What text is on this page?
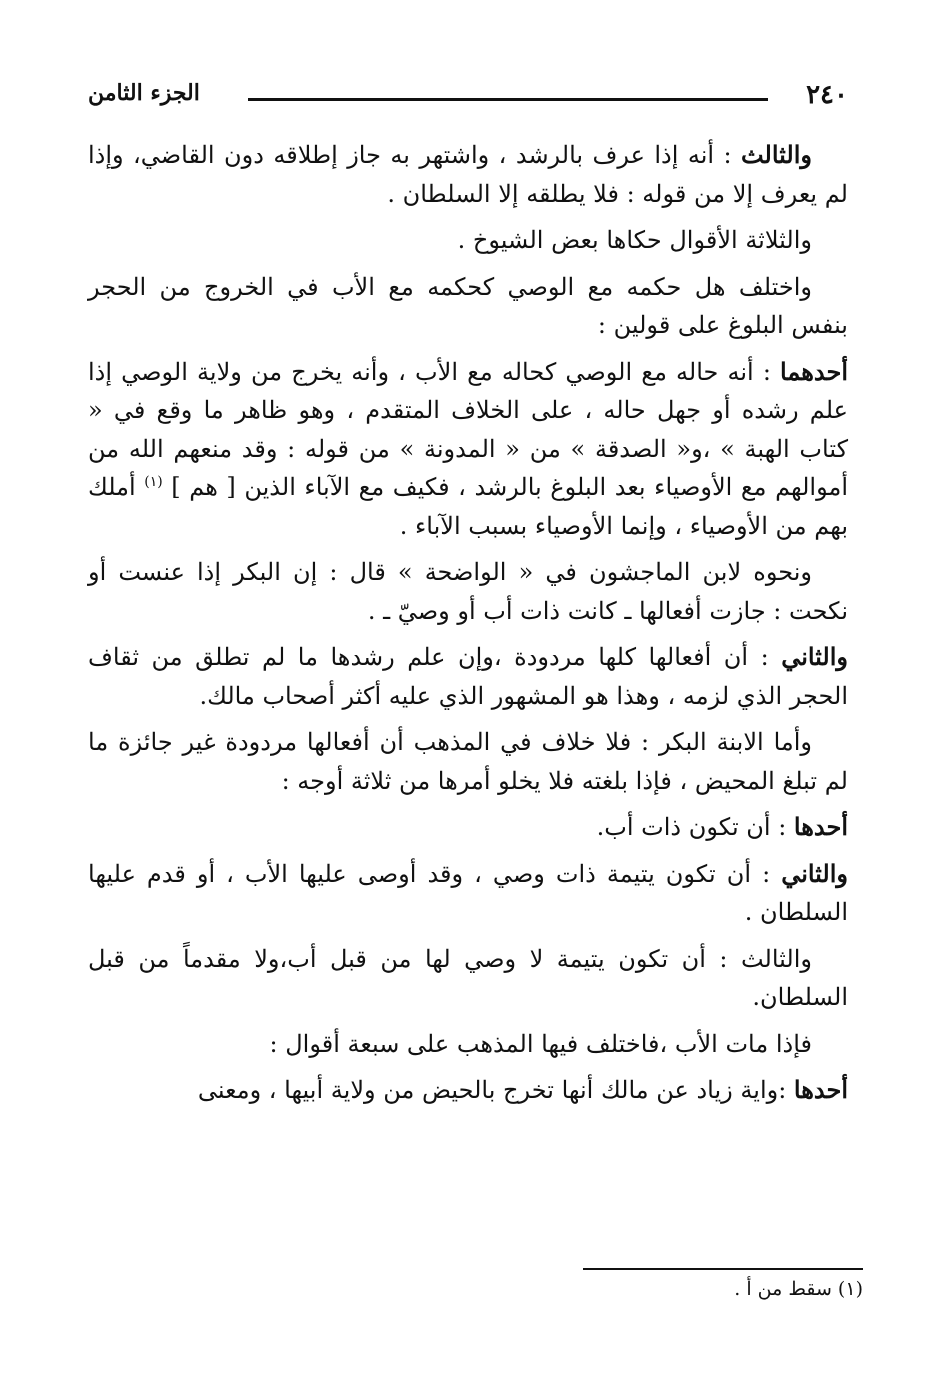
٢٤٠
الجزء الثامن

والثالث : أنه إذا عرف بالرشد ، واشتهر به جاز إطلاقه دون القاضي، وإذا لم يعرف إلا من قوله : فلا يطلقه إلا السلطان .

والثلاثة الأقوال حكاها بعض الشيوخ .

واختلف هل حكمه مع الوصي كحكمه مع الأب في الخروج من الحجر بنفس البلوغ على قولين :

أحدهما : أنه حاله مع الوصي كحاله مع الأب ، وأنه يخرج من ولاية الوصي إذا علم رشده أو جهل حاله ، على الخلاف المتقدم ، وهو ظاهر ما وقع في « كتاب الهبة » ،و« الصدقة » من « المدونة » من قوله : وقد منعهم الله من أموالهم مع الأوصياء بعد البلوغ بالرشد ، فكيف مع الآباء الذين [ هم ] $^{(١)}$ أملك بهم من الأوصياء ، وإنما الأوصياء بسبب الآباء .

ونحوه لابن الماجشون في « الواضحة » قال : إن البكر إذا عنست أو نكحت : جازت أفعالها ـ كانت ذات أب أو وصيّ ـ .

والثاني : أن أفعالها كلها مردودة ،وإن علم رشدها ما لم تطلق من ثقاف الحجر الذي لزمه ، وهذا هو المشهور الذي عليه أكثر أصحاب مالك.

وأما الابنة البكر : فلا خلاف في المذهب أن أفعالها مردودة غير جائزة ما لم تبلغ المحيض ، فإذا بلغته فلا يخلو أمرها من ثلاثة أوجه :

أحدها : أن تكون ذات أب.

والثاني : أن تكون يتيمة ذات وصي ، وقد أوصى عليها الأب ، أو قدم عليها السلطان .

والثالث : أن تكون يتيمة لا وصي لها من قبل أب،ولا مقدماً من قبل السلطان.

فإذا مات الأب ،فاختلف فيها المذهب على سبعة أقوال :

أحدها :واية زياد عن مالك أنها تخرج بالحيض من ولاية أبيها ، ومعنى

(١) سقط من أ .
